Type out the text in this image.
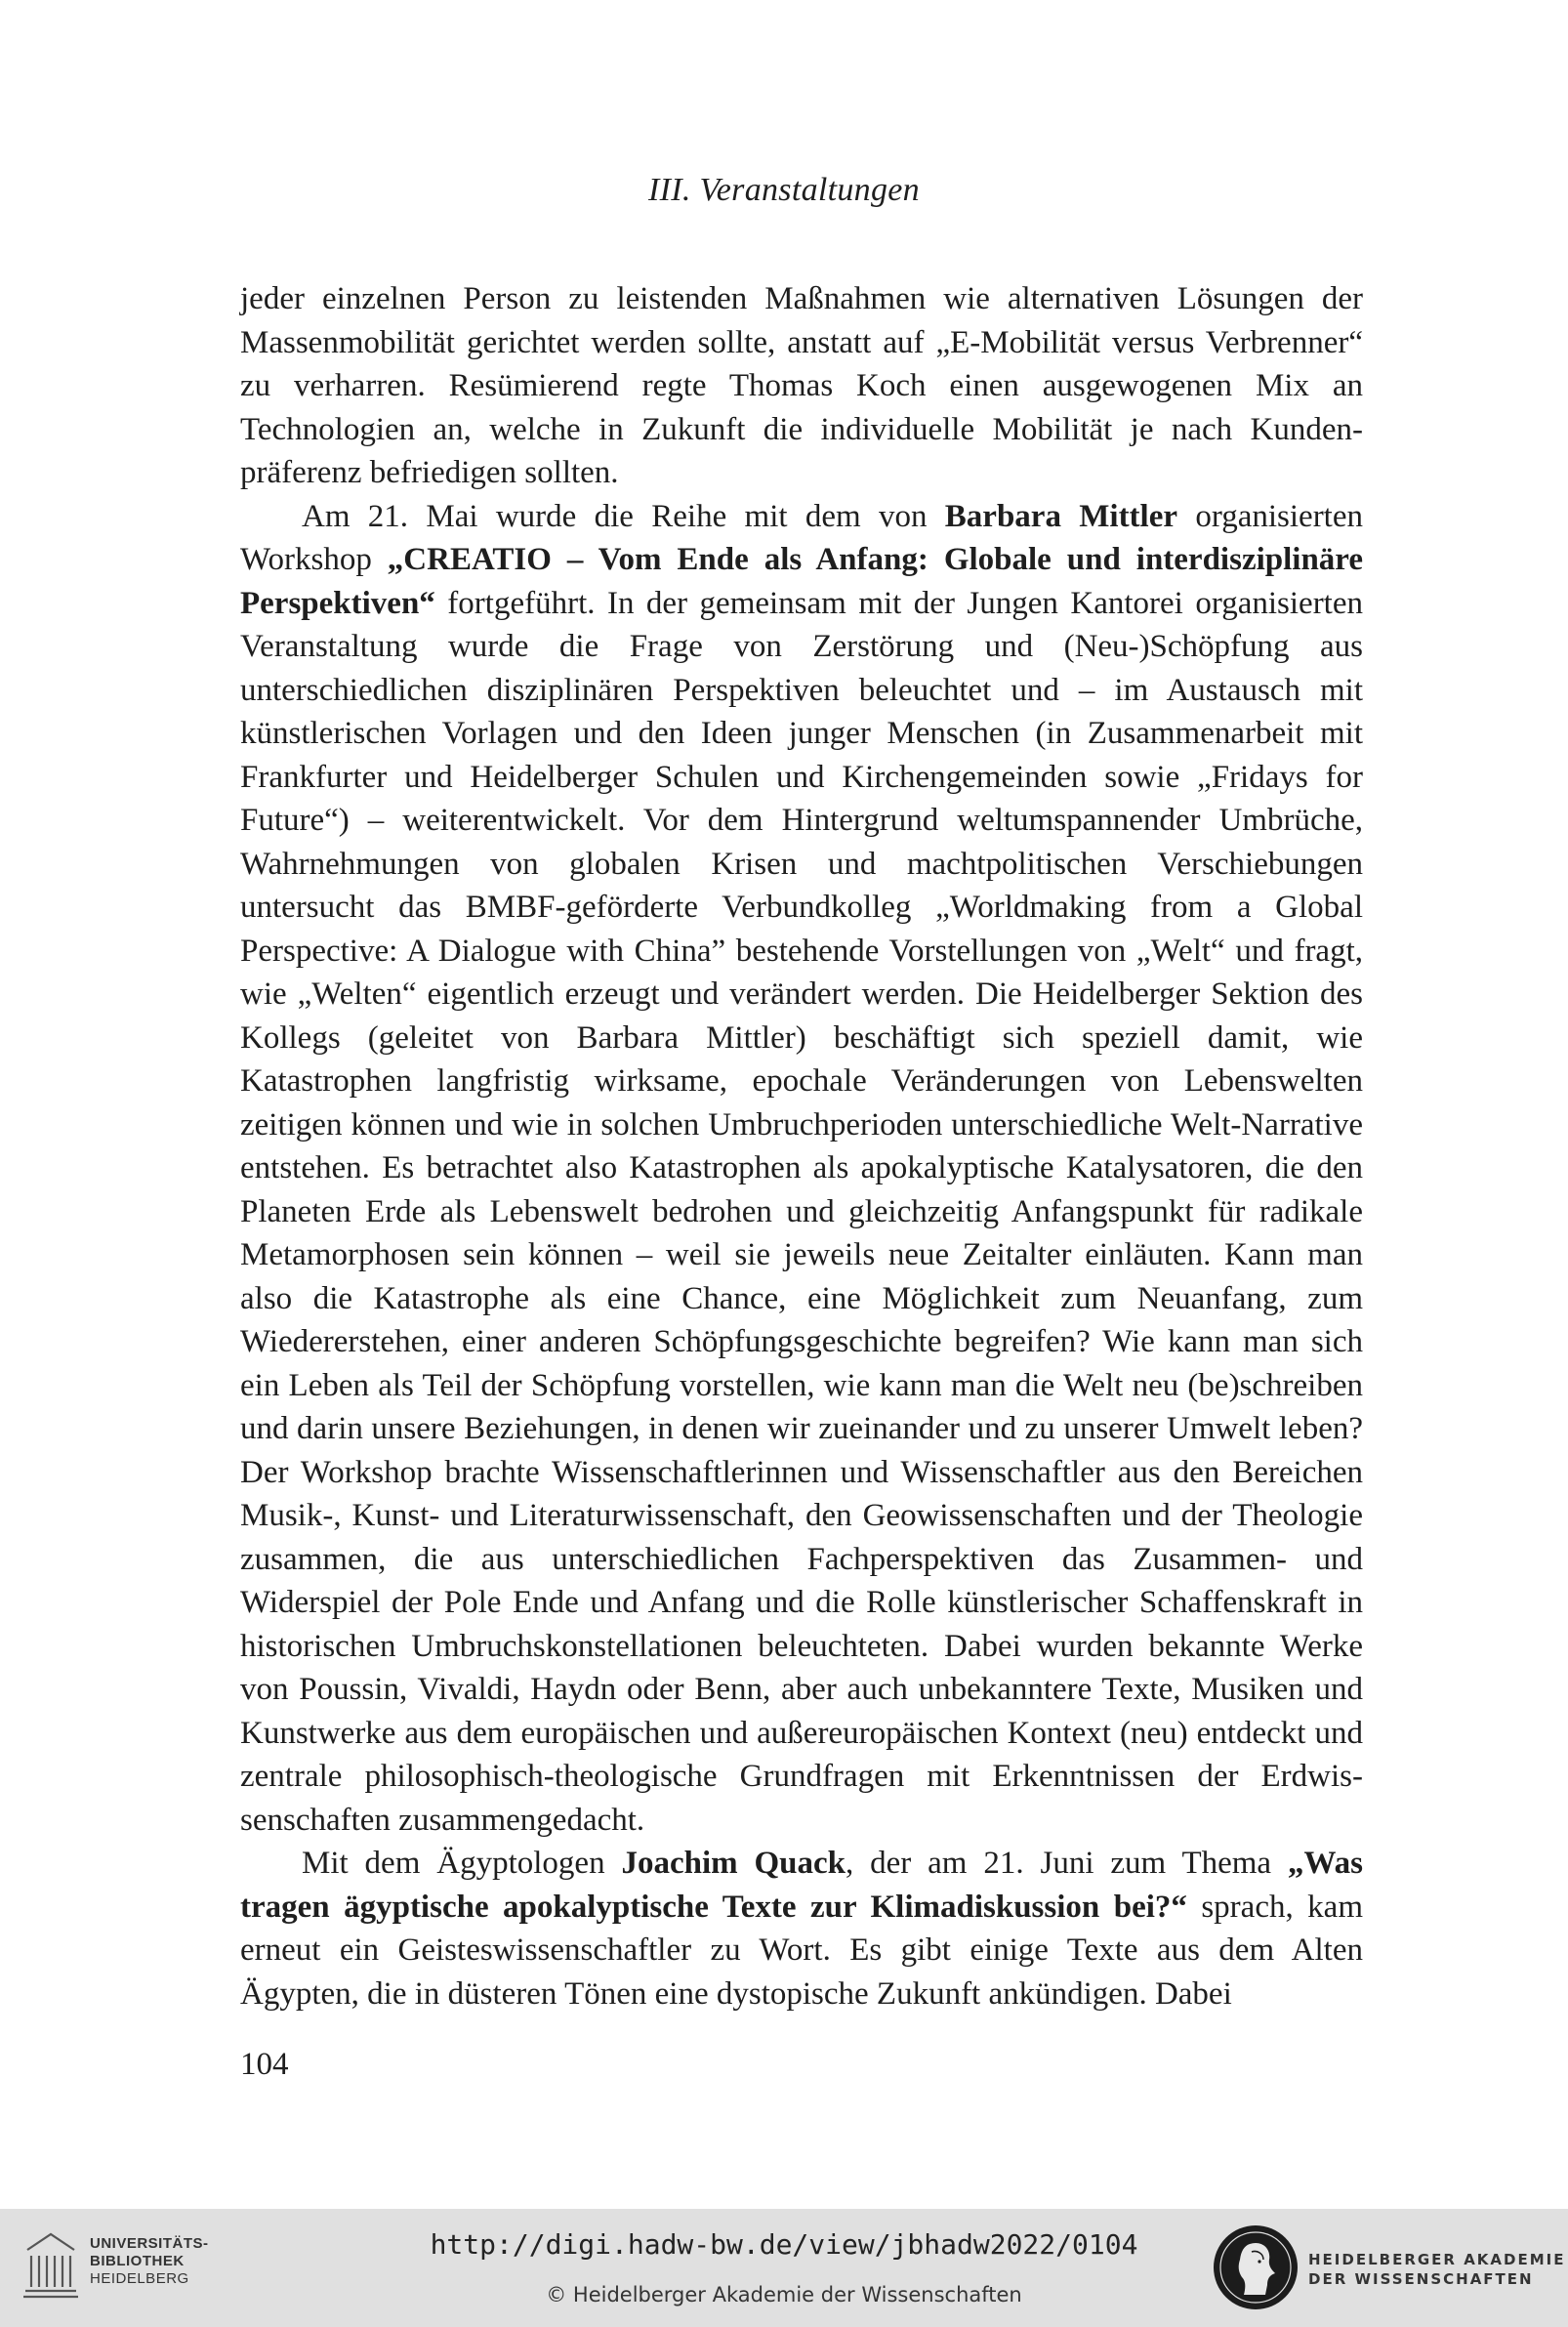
III. Veranstaltungen

jeder einzelnen Person zu leistenden Maßnahmen wie alternativen Lösungen der Massenmobilität gerichtet werden sollte, anstatt auf „E-Mobilität versus Verbrenner“ zu verharren. Resümierend regte Thomas Koch einen ausgewogenen Mix an Technologien an, welche in Zukunft die individuelle Mobilität je nach Kundenpräferenz befriedigen sollten.

Am 21. Mai wurde die Reihe mit dem von Barbara Mittler organisierten Workshop „CREATIO – Vom Ende als Anfang: Globale und interdisziplinäre Perspektiven“ fortgeführt. In der gemeinsam mit der Jungen Kantorei organisierten Veranstaltung wurde die Frage von Zerstörung und (Neu-)Schöpfung aus unterschiedlichen disziplinären Perspektiven beleuchtet und – im Austausch mit künstlerischen Vorlagen und den Ideen junger Menschen (in Zusammenarbeit mit Frankfurter und Heidelberger Schulen und Kirchengemeinden sowie „Fridays for Future“) – weiterentwickelt. Vor dem Hintergrund weltumspannender Umbrüche, Wahrnehmungen von globalen Krisen und machtpolitischen Verschiebungen untersucht das BMBF-geförderte Verbundkolleg „Worldmaking from a Global Perspective: A Dialogue with China” bestehende Vorstellungen von „Welt“ und fragt, wie „Welten“ eigentlich erzeugt und verändert werden. Die Heidelberger Sektion des Kollegs (geleitet von Barbara Mittler) beschäftigt sich speziell damit, wie Katastrophen langfristig wirksame, epochale Veränderungen von Lebenswelten zeitigen können und wie in solchen Umbruchperioden unterschiedliche Welt-Narrative entstehen. Es betrachtet also Katastrophen als apokalyptische Katalysatoren, die den Planeten Erde als Lebenswelt bedrohen und gleichzeitig Anfangspunkt für radikale Metamorphosen sein können – weil sie jeweils neue Zeitalter einläuten. Kann man also die Katastrophe als eine Chance, eine Möglichkeit zum Neuanfang, zum Wiedererstehen, einer anderen Schöpfungsgeschichte begreifen? Wie kann man sich ein Leben als Teil der Schöpfung vorstellen, wie kann man die Welt neu (be)schreiben und darin unsere Beziehungen, in denen wir zueinander und zu unserer Umwelt leben? Der Workshop brachte Wissenschaftlerinnen und Wissenschaftler aus den Bereichen Musik-, Kunst- und Literaturwissenschaft, den Geowissenschaften und der Theologie zusammen, die aus unterschiedlichen Fachperspektiven das Zusammen- und Widerspiel der Pole Ende und Anfang und die Rolle künstlerischer Schaffenskraft in historischen Umbruchskonstellationen beleuchteten. Dabei wurden bekannte Werke von Poussin, Vivaldi, Haydn oder Benn, aber auch unbekanntere Texte, Musiken und Kunstwerke aus dem europäischen und außereuropäischen Kontext (neu) entdeckt und zentrale philosophisch-theologische Grundfragen mit Erkenntnissen der Erdwissenschaften zusammengedacht.

Mit dem Ägyptologen Joachim Quack, der am 21. Juni zum Thema „Was tragen ägyptische apokalyptische Texte zur Klimadiskussion bei?“ sprach, kam erneut ein Geisteswissenschaftler zu Wort. Es gibt einige Texte aus dem Alten Ägypten, die in düsteren Tönen eine dystopische Zukunft ankündigen. Dabei

104
UNIVERSITÄTS-
BIBLIOTHEK
HEIDELBERG
http://digi.hadw-bw.de/view/jbhadw2022/0104
© Heidelberger Akademie der Wissenschaften
HEIDELBERGER AKADEMIE
DER WISSENSCHAFTEN
